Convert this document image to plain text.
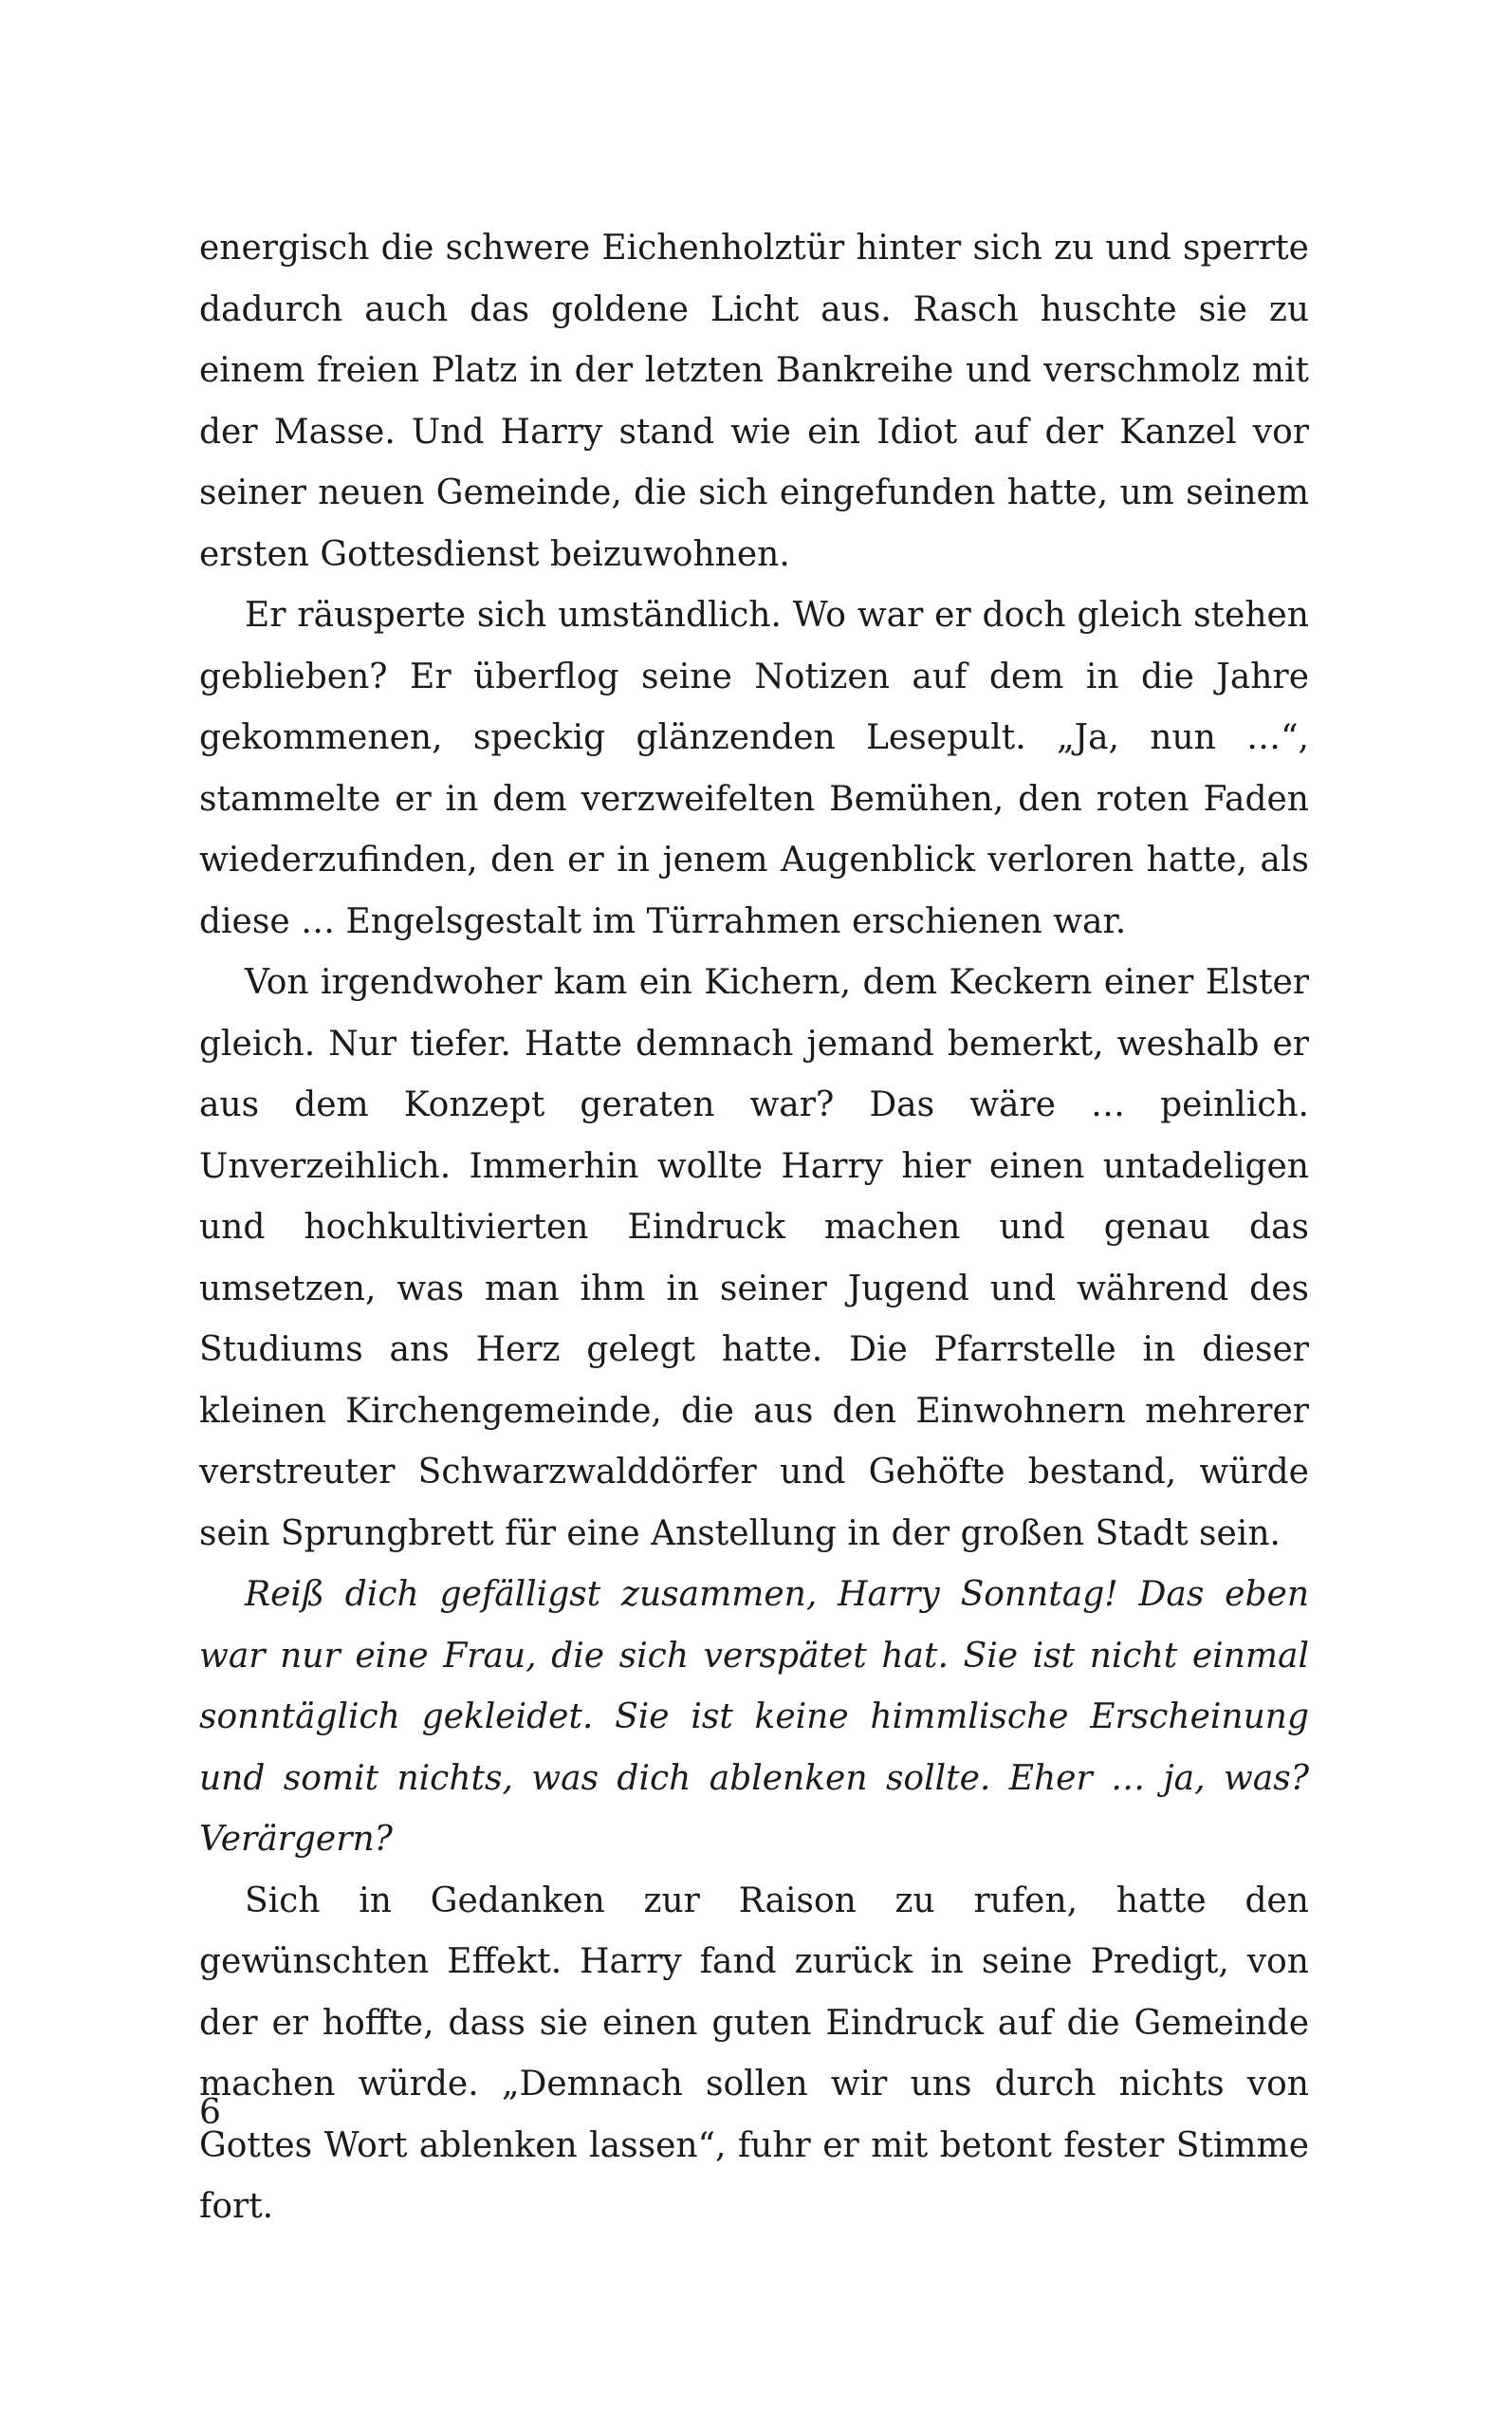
energisch die schwere Eichenholztür hinter sich zu und sperrte dadurch auch das goldene Licht aus. Rasch huschte sie zu einem freien Platz in der letzten Bankreihe und verschmolz mit der Masse. Und Harry stand wie ein Idiot auf der Kanzel vor seiner neuen Gemeinde, die sich eingefunden hatte, um seinem ersten Gottesdienst beizuwohnen.

Er räusperte sich umständlich. Wo war er doch gleich stehen geblieben? Er überflog seine Notizen auf dem in die Jahre gekommenen, speckig glänzenden Lesepult. „Ja, nun …“, stammelte er in dem verzweifelten Bemühen, den roten Faden wiederzufinden, den er in jenem Augenblick verloren hatte, als diese … Engelsgestalt im Türrahmen erschienen war.

Von irgendwoher kam ein Kichern, dem Keckern einer Elster gleich. Nur tiefer. Hatte demnach jemand bemerkt, weshalb er aus dem Konzept geraten war? Das wäre … peinlich. Unverzeihlich. Immerhin wollte Harry hier einen untadeligen und hochkultivierten Eindruck machen und genau das umsetzen, was man ihm in seiner Jugend und während des Studiums ans Herz gelegt hatte. Die Pfarrstelle in dieser kleinen Kirchengemeinde, die aus den Einwohnern mehrerer verstreuter Schwarzwalddörfer und Gehöfte bestand, würde sein Sprungbrett für eine Anstellung in der großen Stadt sein.

Reiß dich gefälligst zusammen, Harry Sonntag! Das eben war nur eine Frau, die sich verspätet hat. Sie ist nicht einmal sonntäglich gekleidet. Sie ist keine himmlische Erscheinung und somit nichts, was dich ablenken sollte. Eher … ja, was? Verärgern?

Sich in Gedanken zur Raison zu rufen, hatte den gewünschten Effekt. Harry fand zurück in seine Predigt, von der er hoffte, dass sie einen guten Eindruck auf die Gemeinde machen würde. „Demnach sollen wir uns durch nichts von Gottes Wort ablenken lassen“, fuhr er mit betont fester Stimme fort.

6
